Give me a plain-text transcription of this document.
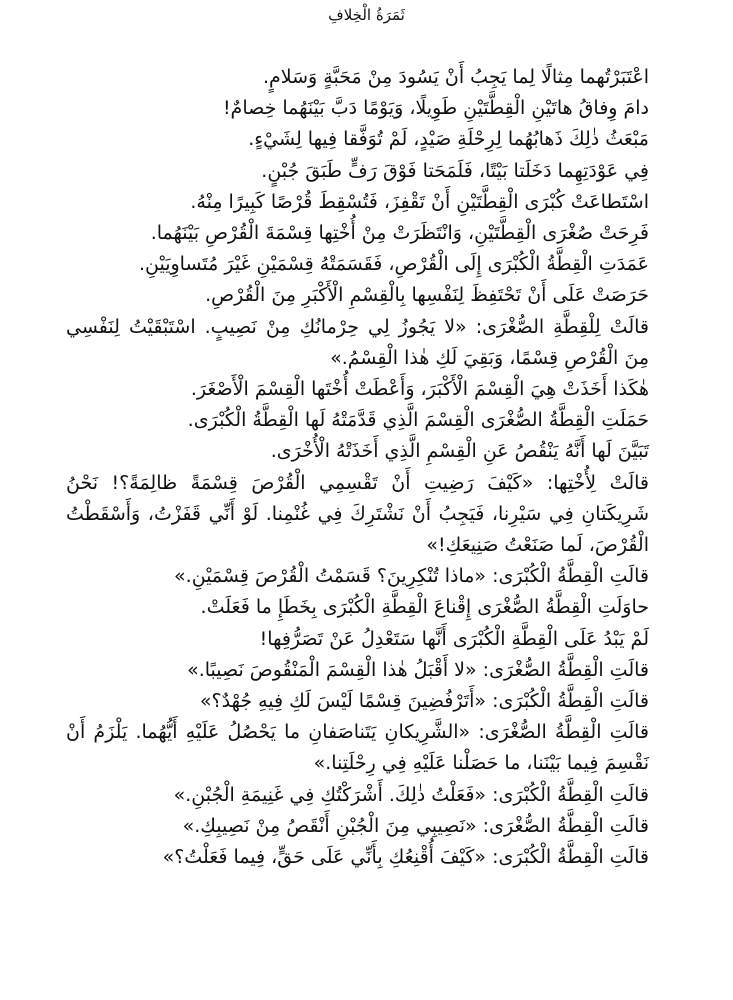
ثَمَرَةُ الْخِلافِ

اعْتَبَرْتُهما مِثالًا لِما يَجِبُ أَنْ يَسُودَ مِنْ مَحَبَّةٍ وَسَلامٍ.

دامَ وِفاقُ هاتَيْنِ الْقِطَّتَيْنِ طَوِيلًا، وَيَوْمًا دَبَّ بَيْنَهُما خِصامٌ!

مَبْعَثُ ذٰلِكَ ذَهابُهُما لِرِحْلَةِ صَيْدٍ، لَمْ تُوَفَّقا فِيها لِشَيْءٍ.

فِي عَوْدَتِهِما دَخَلَتا بَيْتًا، فَلَمَحَتا فَوْقَ رَفٍّ طَبَقَ جُبْنٍ.

اسْتَطاعَتْ كُبْرَى الْقِطَّتَيْنِ أَنْ تَقْفِزَ، فَتُسْقِطَ قُرْصًا كَبِيرًا مِنْهُ.

فَرِحَتْ صُغْرَى الْقِطَّتَيْنِ، وَانْتَظَرَتْ مِنْ أُخْتِها قِسْمَةَ الْقُرْصِ بَيْنَهُما.

عَمَدَتِ الْقِطَّةُ الْكُبْرَى إِلَى الْقُرْصِ، فَقَسَمَتْهُ قِسْمَيْنِ غَيْرَ مُتَساوِيَيْنِ.

حَرَصَتْ عَلَى أَنْ تَحْتَفِظَ لِنَفْسِها بِالْقِسْمِ الْأَكْبَرِ مِنَ الْقُرْصِ.

قالَتْ لِلْقِطَّةِ الصُّغْرَى: «لا يَجُوزُ لِي حِرْمانُكِ مِنْ نَصِيبٍ. اسْتَبْقَيْتُ لِنَفْسِي مِنَ الْقُرْصِ قِسْمًا، وَبَقِيَ لَكِ هٰذا الْقِسْمُ.»

هٰكَذا أَخَذَتْ هِيَ الْقِسْمَ الْأَكْبَرَ، وَأَعْطَتْ أُخْتَها الْقِسْمَ الْأَصْغَرَ.

حَمَلَتِ الْقِطَّةُ الصُّغْرَى الْقِسْمَ الَّذِي قَدَّمَتْهُ لَها الْقِطَّةُ الْكُبْرَى.

تَبَيَّنَ لَها أَنَّهُ يَنْقُصُ عَنِ الْقِسْمِ الَّذِي أَخَذَتْهُ الْأُخْرَى.

قالَتْ لِأُخْتِها: «كَيْفَ رَضِيتِ أَنْ تَقْسِمِي الْقُرْصَ قِسْمَةً ظالِمَةً؟! نَحْنُ شَرِيكَتانِ فِي سَيْرِنا، فَيَجِبُ أَنْ نَشْتَرِكَ فِي غُنْمِنا. لَوْ أَنِّي قَفَزْتُ، وَأَسْقَطْتُ الْقُرْصَ، لَما صَنَعْتُ صَنِيعَكِ!»

قالَتِ الْقِطَّةُ الْكُبْرَى: «ماذا تُنْكِرِينَ؟ قَسَمْتُ الْقُرْصَ قِسْمَيْنِ.»

حاوَلَتِ الْقِطَّةُ الصُّغْرَى إِقْناعَ الْقِطَّةِ الْكُبْرَى بِخَطَإِ ما فَعَلَتْ.

لَمْ يَبْدُ عَلَى الْقِطَّةِ الْكُبْرَى أَنَّها سَتَعْدِلُ عَنْ تَصَرُّفِها!

قالَتِ الْقِطَّةُ الصُّغْرَى: «لا أَقْبَلُ هٰذا الْقِسْمَ الْمَنْقُوصَ نَصِيبًا.»

قالَتِ الْقِطَّةُ الْكُبْرَى: «أَتَرْفُضِينَ قِسْمًا لَيْسَ لَكِ فِيهِ جُهْدٌ؟»

قالَتِ الْقِطَّةُ الصُّغْرَى: «الشَّرِيكانِ يَتَناصَفانِ ما يَحْصُلُ عَلَيْهِ أَيُّهُما. يَلْزَمُ أَنْ نَقْسِمَ فِيما بَيْنَنا، ما حَصَلْنا عَلَيْهِ فِي رِحْلَتِنا.»

قالَتِ الْقِطَّةُ الْكُبْرَى: «فَعَلْتُ ذٰلِكَ. أَشْرَكْتُكِ فِي غَنِيمَةِ الْجُبْنِ.»

قالَتِ الْقِطَّةُ الصُّغْرَى: «نَصِيبِي مِنَ الْجُبْنِ أَنْقَصُ مِنْ نَصِيبِكِ.»

قالَتِ الْقِطَّةُ الْكُبْرَى: «كَيْفَ أُقْنِعُكِ بِأَنِّي عَلَى حَقٍّ، فِيما فَعَلْتُ؟»
